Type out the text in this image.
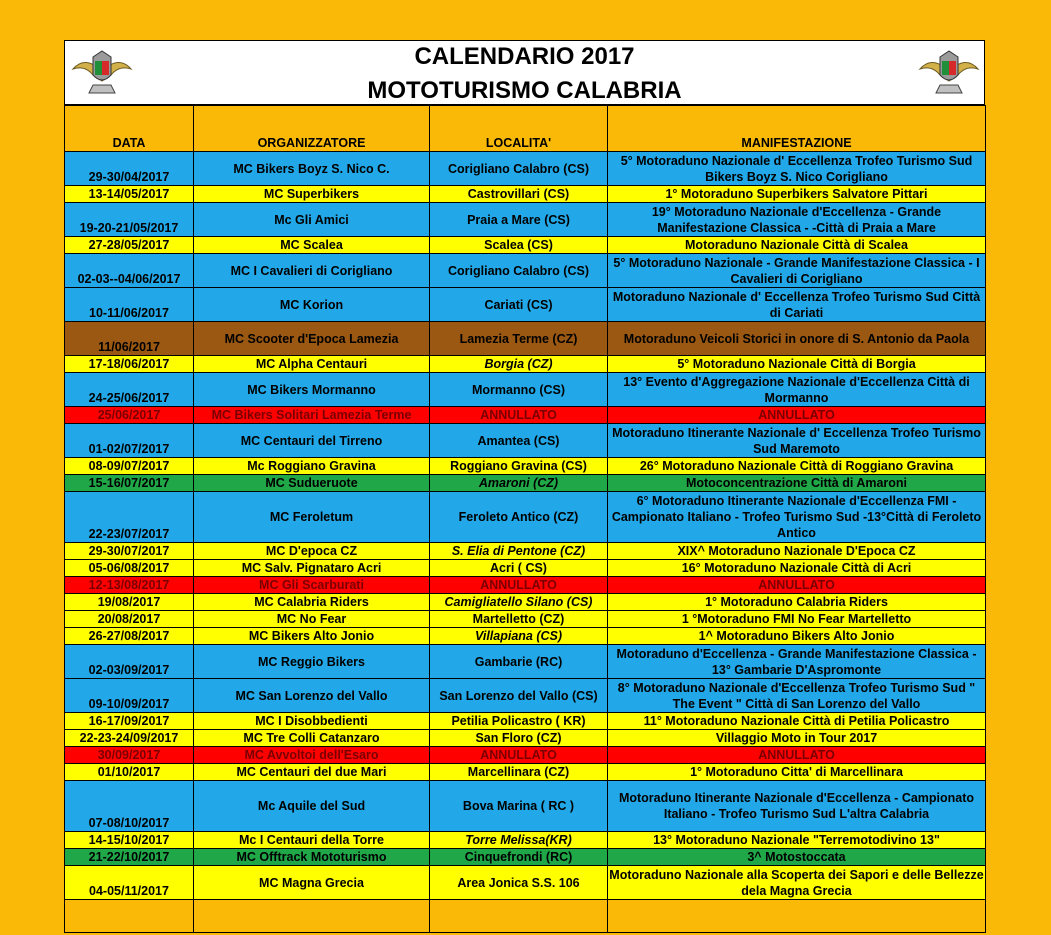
CALENDARIO 2017
MOTOTURISMO CALABRIA
DATA	ORGANIZZATORE	LOCALITA'	MANIFESTAZIONE
29-30/04/2017	MC Bikers Boyz S. Nico C.	Corigliano Calabro (CS)	5° Motoraduno Nazionale d' Eccellenza Trofeo Turismo Sud Bikers Boyz S. Nico Corigliano
13-14/05/2017	MC Superbikers	Castrovillari (CS)	1° Motoraduno Superbikers Salvatore Pittari
19-20-21/05/2017	Mc Gli Amici	Praia a Mare (CS)	19° Motoraduno Nazionale d'Eccellenza - Grande Manifestazione Classica - -Città di Praia a Mare
27-28/05/2017	MC Scalea	Scalea (CS)	Motoraduno Nazionale Città di Scalea
02-03--04/06/2017	MC I Cavalieri di Corigliano	Corigliano Calabro (CS)	5° Motoraduno Nazionale - Grande Manifestazione Classica - I Cavalieri di Corigliano
10-11/06/2017	MC Korion	Cariati (CS)	Motoraduno Nazionale d' Eccellenza Trofeo Turismo Sud Città di Cariati
11/06/2017	MC Scooter d'Epoca Lamezia	Lamezia Terme (CZ)	Motoraduno Veicoli Storici in onore di S. Antonio da Paola
17-18/06/2017	MC Alpha Centauri	Borgia (CZ)	5° Motoraduno Nazionale Città di Borgia
24-25/06/2017	MC Bikers Mormanno	Mormanno (CS)	13° Evento d'Aggregazione Nazionale d'Eccellenza Città di Mormanno
25/06/2017	MC Bikers Solitari Lamezia Terme	ANNULLATO	ANNULLATO
01-02/07/2017	MC Centauri del Tirreno	Amantea (CS)	Motoraduno Itinerante Nazionale d' Eccellenza Trofeo Turismo Sud Maremoto
08-09/07/2017	Mc Roggiano Gravina	Roggiano Gravina (CS)	26° Motoraduno Nazionale Città di Roggiano Gravina
15-16/07/2017	MC Sudueruote	Amaroni (CZ)	Motoconcentrazione Città di Amaroni
22-23/07/2017	MC Feroletum	Feroleto Antico (CZ)	6° Motoraduno Itinerante Nazionale d'Eccellenza FMI - Campionato Italiano - Trofeo Turismo Sud -13°Città di Feroleto Antico
29-30/07/2017	MC D'epoca CZ	S. Elia di Pentone (CZ)	XIX^ Motoraduno Nazionale D'Epoca CZ
05-06/08/2017	MC Salv. Pignataro Acri	Acri ( CS)	16° Motoraduno Nazionale Città di Acri
12-13/08/2017	MC Gli Scarburati	ANNULLATO	ANNULLATO
19/08/2017	MC Calabria Riders	Camigliatello Silano (CS)	1° Motoraduno Calabria Riders
20/08/2017	MC No Fear	Martelletto (CZ)	1 °Motoraduno FMI No Fear Martelletto
26-27/08/2017	MC Bikers Alto Jonio	Villapiana (CS)	1^ Motoraduno Bikers Alto Jonio
02-03/09/2017	MC Reggio Bikers	Gambarie (RC)	Motoraduno d'Eccellenza - Grande Manifestazione Classica - 13° Gambarie D'Aspromonte
09-10/09/2017	MC San Lorenzo del Vallo	San Lorenzo del Vallo (CS)	8° Motoraduno Nazionale d'Eccellenza Trofeo Turismo Sud " The Event " Città di San Lorenzo del Vallo
16-17/09/2017	MC I Disobbedienti	Petilia Policastro ( KR)	11° Motoraduno Nazionale Città di Petilia Policastro
22-23-24/09/2017	MC Tre Colli Catanzaro	San Floro (CZ)	Villaggio Moto in Tour 2017
30/09/2017	MC Avvoltoi dell'Esaro	ANNULLATO	ANNULLATO
01/10/2017	MC Centauri del due Mari	Marcellinara (CZ)	1° Motoraduno Citta' di Marcellinara
07-08/10/2017	Mc Aquile del Sud	Bova Marina ( RC )	Motoraduno Itinerante Nazionale d'Eccellenza - Campionato Italiano - Trofeo Turismo Sud L'altra Calabria
14-15/10/2017	Mc I Centauri della Torre	Torre Melissa(KR)	13° Motoraduno Nazionale "Terremotodivino 13"
21-22/10/2017	MC Offtrack Mototurismo	Cinquefrondi (RC)	3^ Motostoccata
04-05/11/2017	MC Magna Grecia	Area Jonica S.S. 106	Motoraduno Nazionale alla Scoperta dei Sapori e delle Bellezze dela Magna Grecia
